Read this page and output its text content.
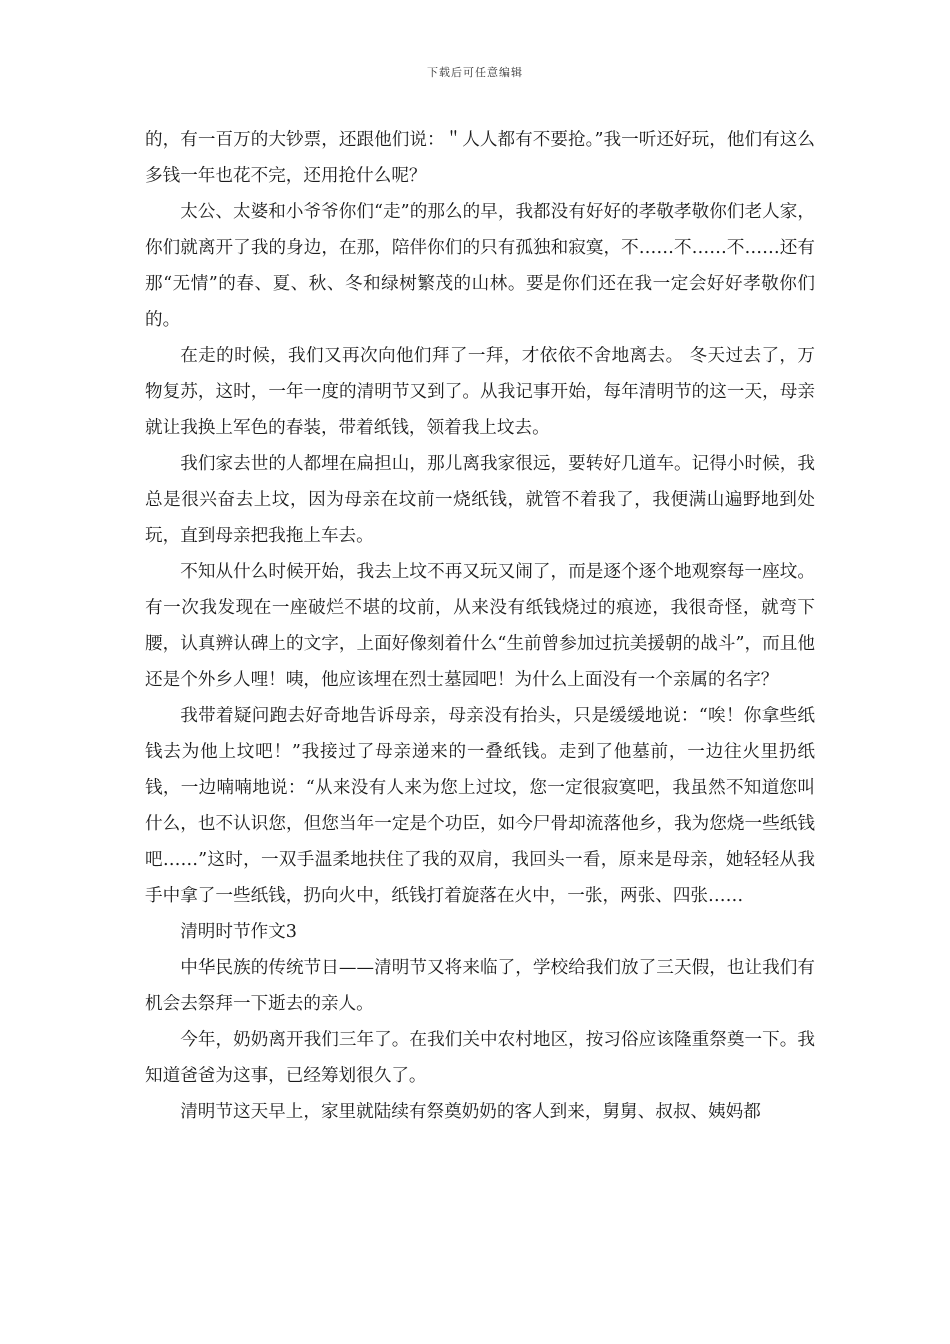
下载后可任意编辑

的，有一百万的大钞票，还跟他们说：＂人人都有不要抢。”我一听还好玩，他们有这么多钱一年也花不完，还用抢什么呢？

太公、太婆和小爷爷你们“走”的那么的早，我都没有好好的孝敬孝敬你们老人家，你们就离开了我的身边，在那，陪伴你们的只有孤独和寂寞，不……不……不……还有那“无情”的春、夏、秋、冬和绿树繁茂的山林。要是你们还在我一定会好好孝敬你们的。

在走的时候，我们又再次向他们拜了一拜，才依依不舍地离去。 冬天过去了，万物复苏，这时，一年一度的清明节又到了。从我记事开始，每年清明节的这一天，母亲就让我换上军色的春装，带着纸钱，领着我上坟去。

我们家去世的人都埋在扁担山，那儿离我家很远，要转好几道车。记得小时候，我总是很兴奋去上坟，因为母亲在坟前一烧纸钱，就管不着我了，我便满山遍野地到处玩，直到母亲把我拖上车去。

不知从什么时候开始，我去上坟不再又玩又闹了，而是逐个逐个地观察每一座坟。有一次我发现在一座破烂不堪的坟前，从来没有纸钱烧过的痕迹，我很奇怪，就弯下腰，认真辨认碑上的文字，上面好像刻着什么“生前曾参加过抗美援朝的战斗”，而且他还是个外乡人哩！咦，他应该埋在烈士墓园吧！为什么上面没有一个亲属的名字？

我带着疑问跑去好奇地告诉母亲，母亲没有抬头，只是缓缓地说：“唉！你拿些纸钱去为他上坟吧！”我接过了母亲递来的一叠纸钱。走到了他墓前，一边往火里扔纸钱，一边喃喃地说：“从来没有人来为您上过坟，您一定很寂寞吧，我虽然不知道您叫什么，也不认识您，但您当年一定是个功臣，如今尸骨却流落他乡，我为您烧一些纸钱吧……”这时，一双手温柔地扶住了我的双肩，我回头一看，原来是母亲，她轻轻从我手中拿了一些纸钱，扔向火中，纸钱打着旋落在火中，一张，两张、四张……

清明时节作文3

中华民族的传统节日——清明节又将来临了，学校给我们放了三天假，也让我们有机会去祭拜一下逝去的亲人。

今年，奶奶离开我们三年了。在我们关中农村地区，按习俗应该隆重祭奠一下。我知道爸爸为这事，已经筹划很久了。

清明节这天早上，家里就陆续有祭奠奶奶的客人到来，舅舅、叔叔、姨妈都
